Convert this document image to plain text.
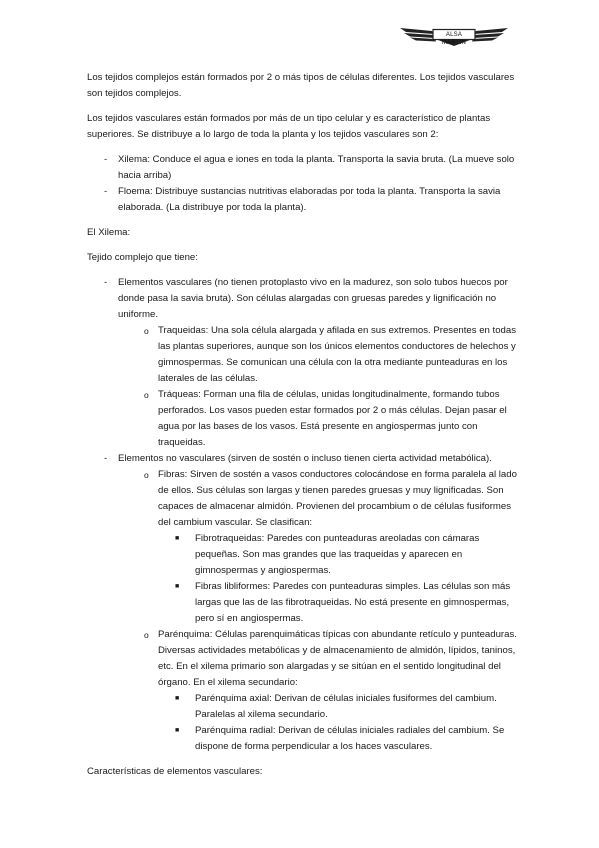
ALSA MARTIN

Los tejidos complejos están formados por 2 o más tipos de células diferentes. Los tejidos vasculares son tejidos complejos.

Los tejidos vasculares están formados por más de un tipo celular y es característico de plantas superiores. Se distribuye a lo largo de toda la planta y los tejidos vasculares son 2:

- Xilema: Conduce el agua e iones en toda la planta. Transporta la savia bruta. (La mueve solo hacia arriba)
- Floema: Distribuye sustancias nutritivas elaboradas por toda la planta. Transporta la savia elaborada. (La distribuye por toda la planta).

El Xilema:

Tejido complejo que tiene:

- Elementos vasculares (no tienen protoplasto vivo en la madurez, son solo tubos huecos por donde pasa la savia bruta). Son células alargadas con gruesas paredes y lignificación no uniforme.
o Traqueidas: Una sola célula alargada y afilada en sus extremos. Presentes en todas las plantas superiores, aunque son los únicos elementos conductores de helechos y gimnospermas. Se comunican una célula con la otra mediante punteaduras en los laterales de las células.
o Tráqueas: Forman una fila de células, unidas longitudinalmente, formando tubos perforados. Los vasos pueden estar formados por 2 o más células. Dejan pasar el agua por las bases de los vasos. Está presente en angiospermas junto con traqueidas.
- Elementos no vasculares (sirven de sostén o incluso tienen cierta actividad metabólica).
o Fibras: Sirven de sostén a vasos conductores colocándose en forma paralela al lado de ellos. Sus células son largas y tienen paredes gruesas y muy lignificadas. Son capaces de almacenar almidón. Provienen del procambium o de células fusiformes del cambium vascular. Se clasifican:
■ Fibrotraqueidas: Paredes con punteaduras areoladas con cámaras pequeñas. Son mas grandes que las traqueidas y aparecen en gimnospermas y angiospermas.
■ Fibras libliformes: Paredes con punteaduras simples. Las células son más largas que las de las fibrotraqueidas. No está presente en gimnospermas, pero sí en angiospermas.
o Parénquima: Células parenquimáticas típicas con abundante retículo y punteaduras. Diversas actividades metabólicas y de almacenamiento de almidón, lípidos, taninos, etc. En el xilema primario son alargadas y se sitúan en el sentido longitudinal del órgano. En el xilema secundario:
■ Parénquima axial: Derivan de células iniciales fusiformes del cambium. Paralelas al xilema secundario.
■ Parénquima radial: Derivan de células iniciales radiales del cambium. Se dispone de forma perpendicular a los haces vasculares.

Características de elementos vasculares:
